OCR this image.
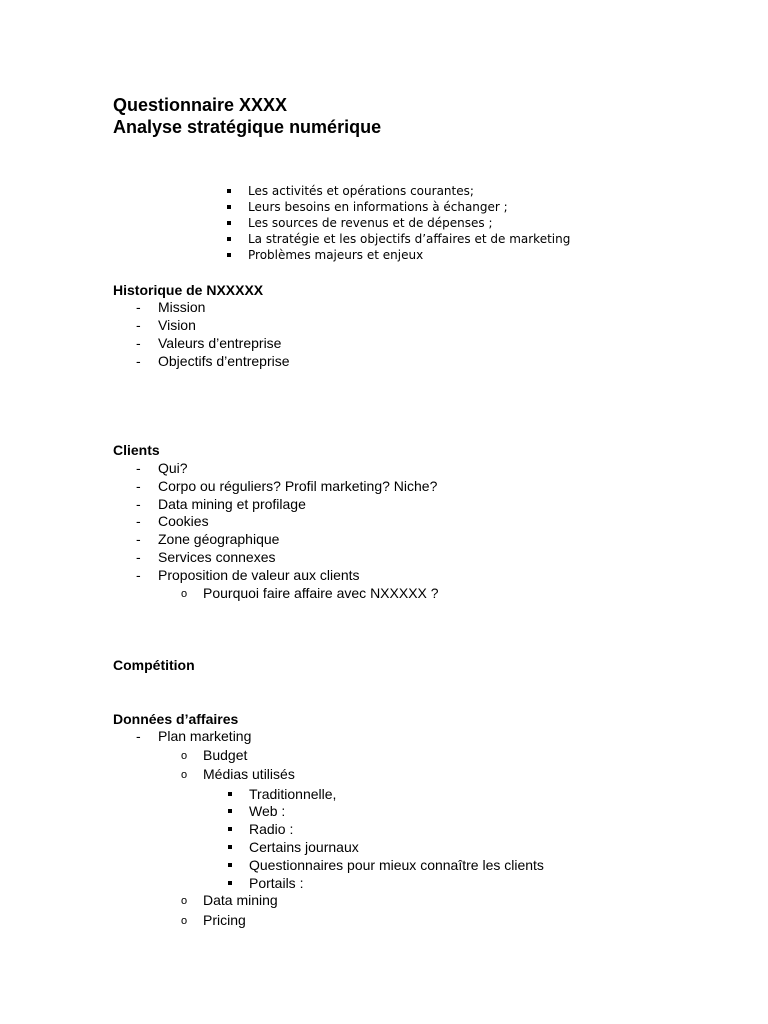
Questionnaire XXXX
Analyse stratégique numérique
Les activités et opérations courantes;
Leurs besoins en informations à échanger ;
Les sources de revenus et de dépenses ;
La stratégie et les objectifs d’affaires et de marketing
Problèmes majeurs et enjeux
Historique de NXXXXX
- Mission
- Vision
- Valeurs d’entreprise
- Objectifs d’entreprise
Clients
- Qui?
- Corpo ou réguliers? Profil marketing? Niche?
- Data mining et profilage
- Cookies
- Zone géographique
- Services connexes
- Proposition de valeur aux clients
o Pourquoi faire affaire avec NXXXXX ?
Compétition
Données d’affaires
- Plan marketing
o Budget
o Médias utilisés
Traditionnelle,
Web :
Radio :
Certains journaux
Questionnaires pour mieux connaître les clients
Portails :
o Data mining
o Pricing
